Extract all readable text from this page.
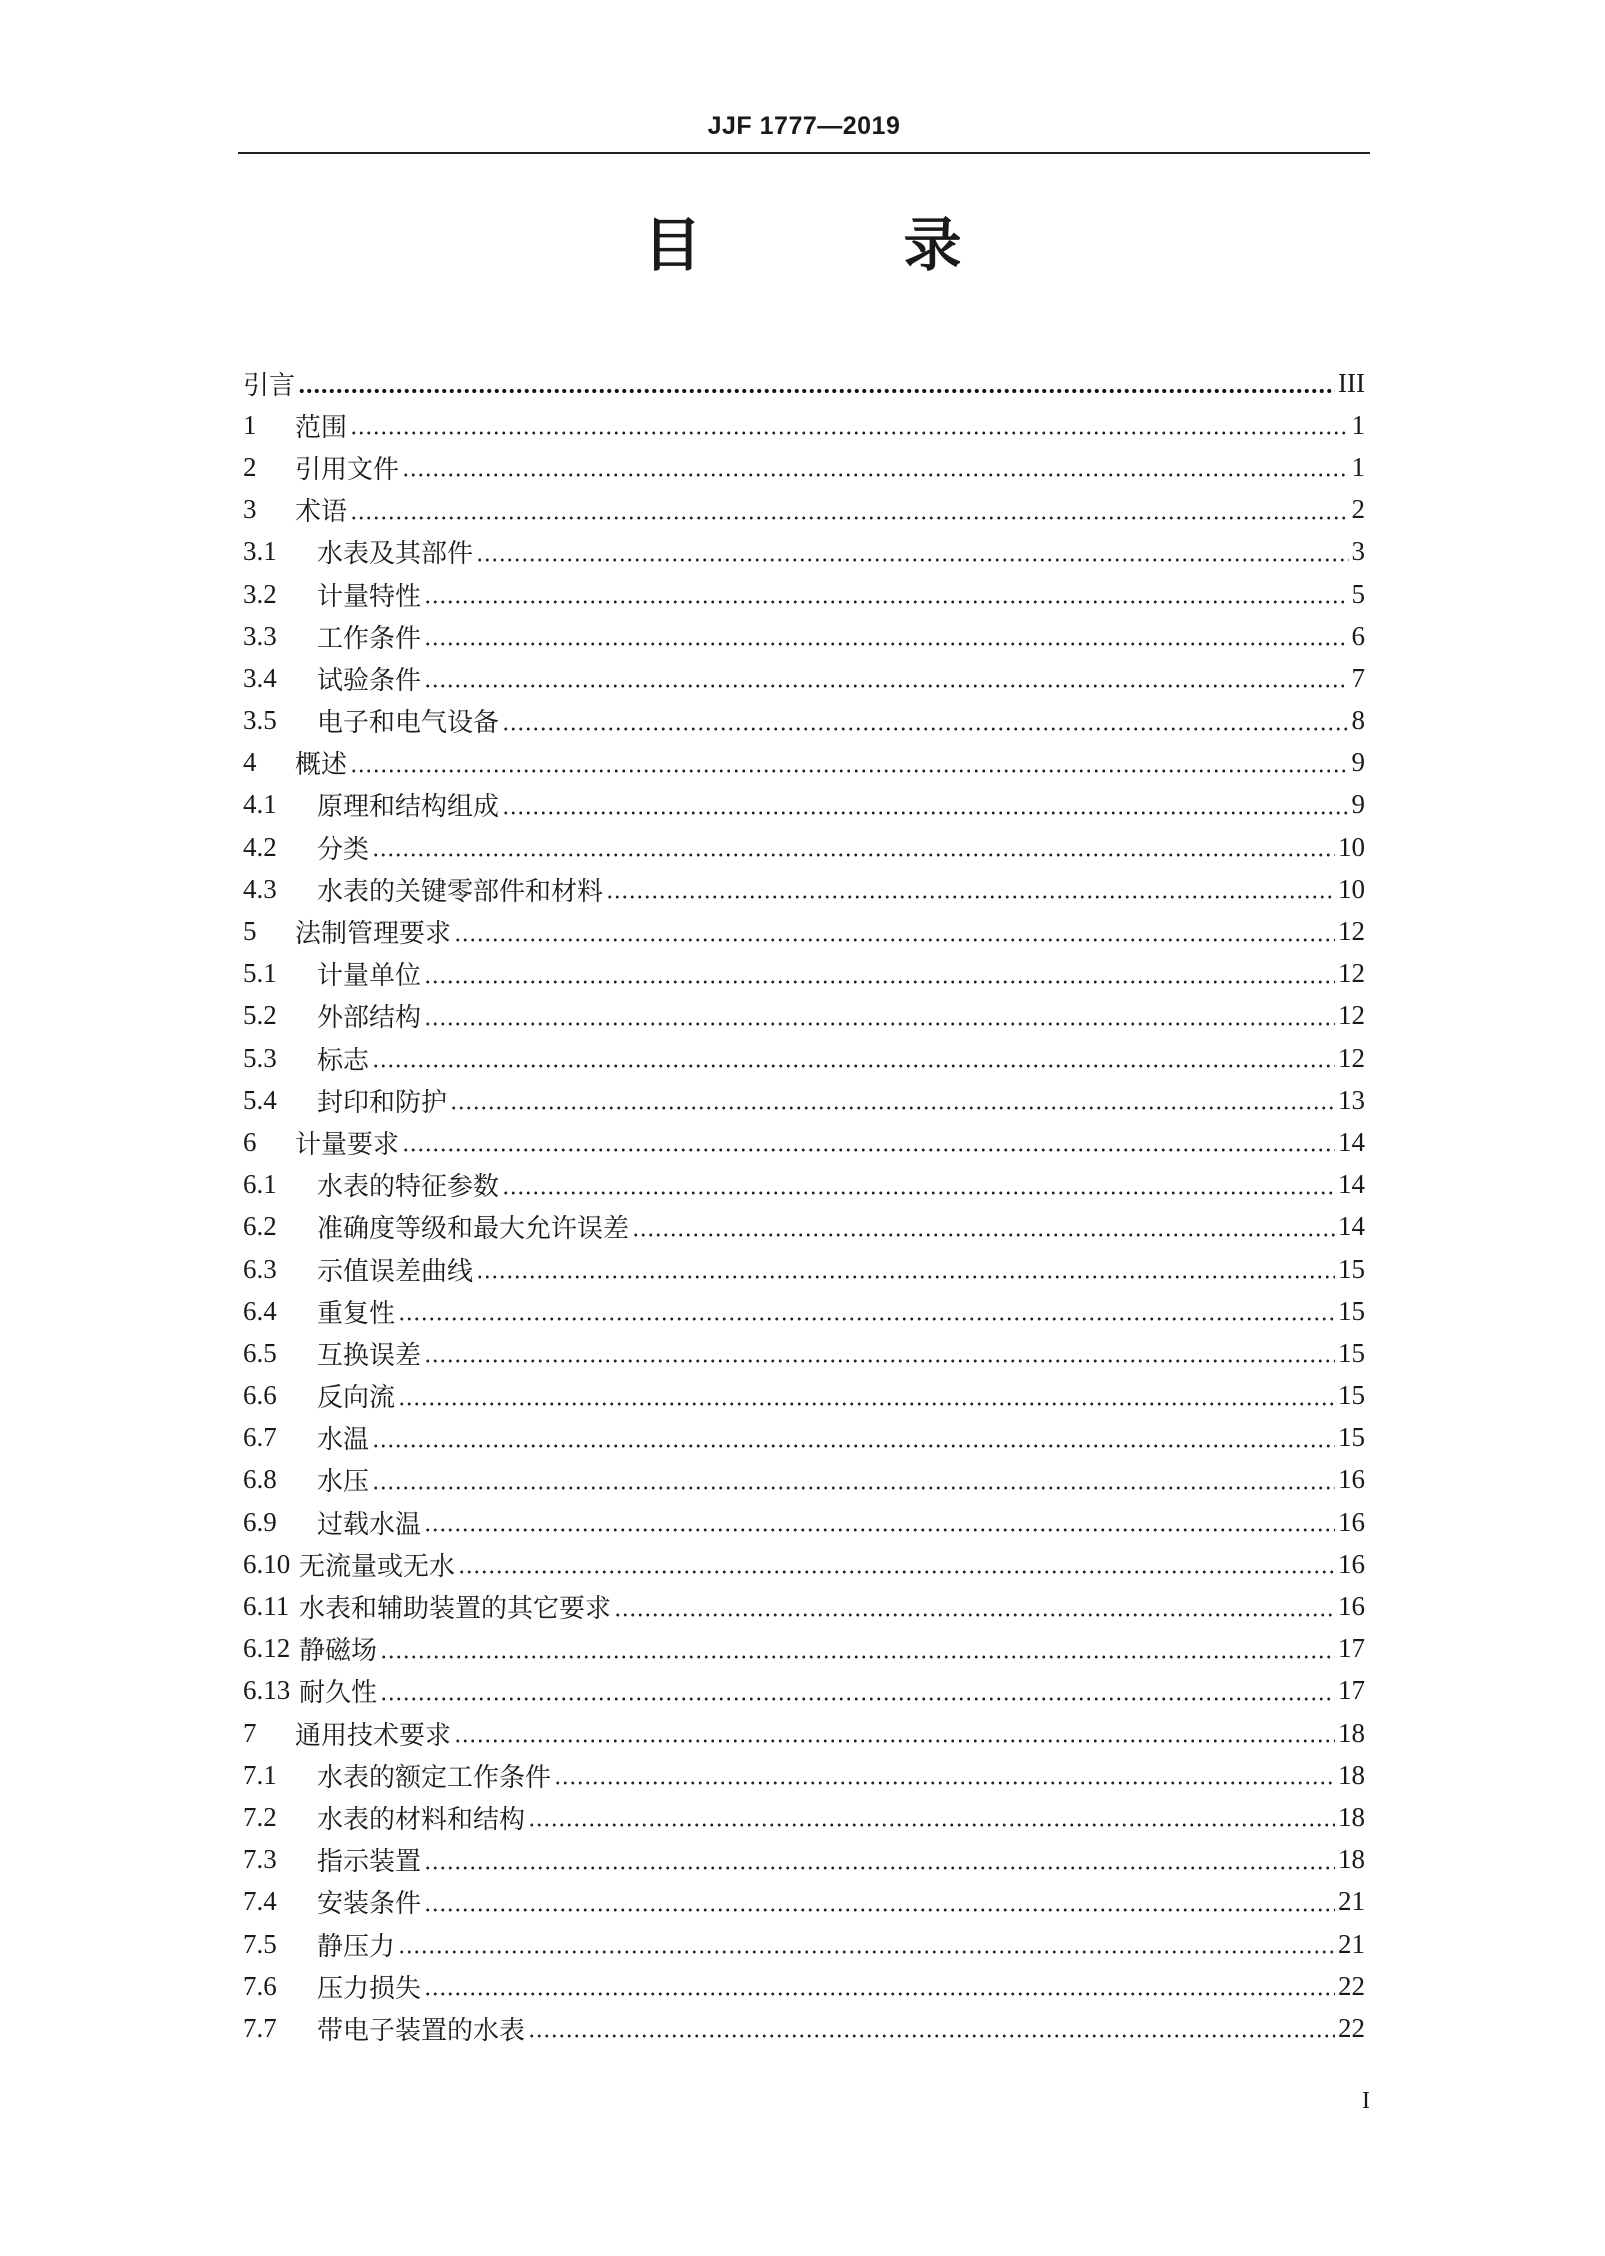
JJF 1777—2019
目　录
引言	III
1	范围	1
2	引用文件	1
3	术语	2
3.1	水表及其部件	3
3.2	计量特性	5
3.3	工作条件	6
3.4	试验条件	7
3.5	电子和电气设备	8
4	概述	9
4.1	原理和结构组成	9
4.2	分类	10
4.3	水表的关键零部件和材料	10
5	法制管理要求	12
5.1	计量单位	12
5.2	外部结构	12
5.3	标志	12
5.4	封印和防护	13
6	计量要求	14
6.1	水表的特征参数	14
6.2	准确度等级和最大允许误差	14
6.3	示值误差曲线	15
6.4	重复性	15
6.5	互换误差	15
6.6	反向流	15
6.7	水温	15
6.8	水压	16
6.9	过载水温	16
6.10 无流量或无水	16
6.11 水表和辅助装置的其它要求	16
6.12 静磁场	17
6.13 耐久性	17
7	通用技术要求	18
7.1	水表的额定工作条件	18
7.2	水表的材料和结构	18
7.3	指示装置	18
7.4	安装条件	21
7.5	静压力	21
7.6	压力损失	22
7.7	带电子装置的水表	22
I
